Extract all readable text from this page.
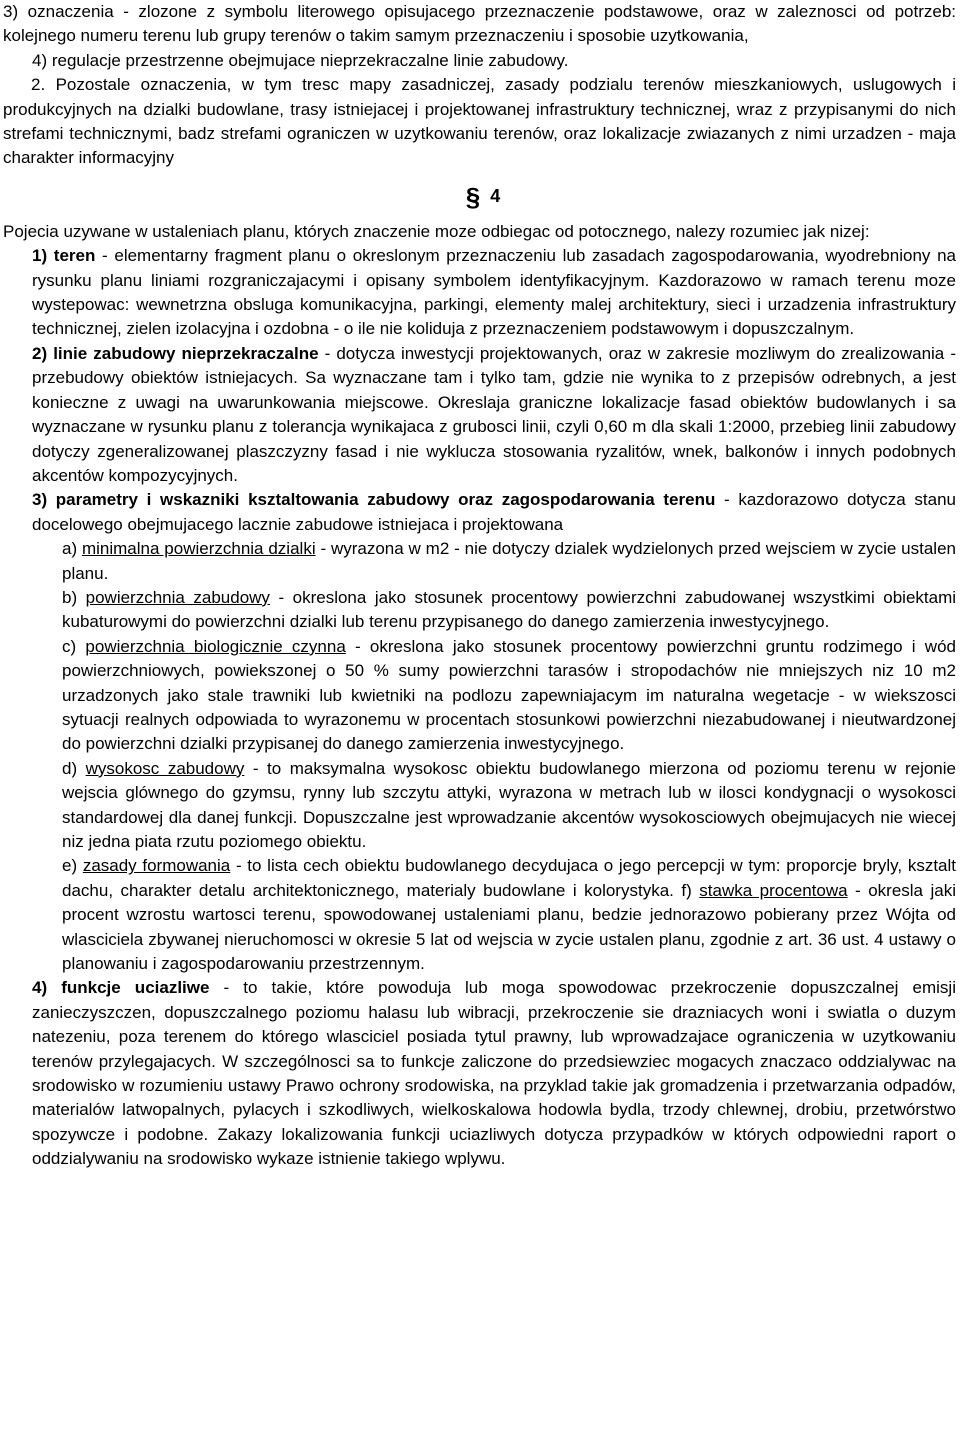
3) oznaczenia - zlozone z symbolu literowego opisujacego przeznaczenie podstawowe, oraz w zaleznosci od potrzeb: kolejnego numeru terenu lub grupy terenów o takim samym przeznaczeniu i sposobie uzytkowania,

4) regulacje przestrzenne obejmujace nieprzekraczalne linie zabudowy.

2. Pozostale oznaczenia, w tym tresc mapy zasadniczej, zasady podzialu terenów mieszkaniowych, uslugowych i produkcyjnych na dzialki budowlane, trasy istniejacej i projektowanej infrastruktury technicznej, wraz z przypisanymi do nich strefami technicznymi, badz strefami ograniczen w uzytkowaniu terenów, oraz lokalizacje zwiazanych z nimi urzadzen - maja charakter informacyjny

§ 4

Pojecia uzywane w ustaleniach planu, których znaczenie moze odbiegac od potocznego, nalezy rozumiec jak nizej:

1) teren - elementarny fragment planu o okreslonym przeznaczeniu lub zasadach zagospodarowania, wyodrebniony na rysunku planu liniami rozgraniczajacymi i opisany symbolem identyfikacyjnym. Kazdorazowo w ramach terenu moze wystepowac: wewnetrzna obsluga komunikacyjna, parkingi, elementy malej architektury, sieci i urzadzenia infrastruktury technicznej, zielen izolacyjna i ozdobna - o ile nie koliduja z przeznaczeniem podstawowym i dopuszczalnym.

2) linie zabudowy nieprzekraczalne - dotycza inwestycji projektowanych, oraz w zakresie mozliwym do zrealizowania - przebudowy obiektów istniejacych. Sa wyznaczane tam i tylko tam, gdzie nie wynika to z przepisów odrebnych, a jest konieczne z uwagi na uwarunkowania miejscowe. Okreslaja graniczne lokalizacje fasad obiektów budowlanych i sa wyznaczane w rysunku planu z tolerancja wynikajaca z grubosci linii, czyli 0,60 m dla skali 1:2000, przebieg linii zabudowy dotyczy zgeneralizowanej plaszczyzny fasad i nie wyklucza stosowania ryzalitów, wnek, balkonów i innych podobnych akcentów kompozycyjnych.

3) parametry i wskazniki ksztaltowania zabudowy oraz zagospodarowania terenu - kazdorazowo dotycza stanu docelowego obejmujacego lacznie zabudowe istniejaca i projektowana

a) minimalna powierzchnia dzialki - wyrazona w m2 - nie dotyczy dzialek wydzielonych przed wejsciem w zycie ustalen planu.

b) powierzchnia zabudowy - okreslona jako stosunek procentowy powierzchni zabudowanej wszystkimi obiektami kubaturowymi do powierzchni dzialki lub terenu przypisanego do danego zamierzenia inwestycyjnego.

c) powierzchnia biologicznie czynna - okreslona jako stosunek procentowy powierzchni gruntu rodzimego i wód powierzchniowych, powiekszonej o 50 % sumy powierzchni tarasów i stropodachów nie mniejszych niz 10 m2 urzadzonych jako stale trawniki lub kwietniki na podlozu zapewniajacym im naturalna wegetacje - w wiekszosci sytuacji realnych odpowiada to wyrazonemu w procentach stosunkowi powierzchni niezabudowanej i nieutwardzonej do powierzchni dzialki przypisanej do danego zamierzenia inwestycyjnego.

d) wysokosc zabudowy - to maksymalna wysokosc obiektu budowlanego mierzona od poziomu terenu w rejonie wejscia glównego do gzymsu, rynny lub szczytu attyki, wyrazona w metrach lub w ilosci kondygnacji o wysokosci standardowej dla danej funkcji. Dopuszczalne jest wprowadzanie akcentów wysokosciowych obejmujacych nie wiecej niz jedna piata rzutu poziomego obiektu.

e) zasady formowania - to lista cech obiektu budowlanego decydujaca o jego percepcji w tym: proporcje bryly, ksztalt dachu, charakter detalu architektonicznego, materialy budowlane i kolorystyka. f) stawka procentowa - okresla jaki procent wzrostu wartosci terenu, spowodowanej ustaleniami planu, bedzie jednorazowo pobierany przez Wójta od wlasciciela zbywanej nieruchomosci w okresie 5 lat od wejscia w zycie ustalen planu, zgodnie z art. 36 ust. 4 ustawy o planowaniu i zagospodarowaniu przestrzennym.

4) funkcje uciazliwe - to takie, które powoduja lub moga spowodowac przekroczenie dopuszczalnej emisji zanieczyszczen, dopuszczalnego poziomu halasu lub wibracji, przekroczenie sie drazniacych woni i swiatla o duzym natezeniu, poza terenem do którego wlasciciel posiada tytul prawny, lub wprowadzajace ograniczenia w uzytkowaniu terenów przylegajacych. W szczególnosci sa to funkcje zaliczone do przedsiewziec mogacych znaczaco oddzialywac na srodowisko w rozumieniu ustawy Prawo ochrony srodowiska, na przyklad takie jak gromadzenia i przetwarzania odpadów, materialów latwopalnych, pylacych i szkodliwych, wielkoskalowa hodowla bydla, trzody chlewnej, drobiu, przetwórstwo spozywcze i podobne. Zakazy lokalizowania funkcji uciazliwych dotycza przypadków w których odpowiedni raport o oddzialywaniu na srodowisko wykaze istnienie takiego wplywu.
